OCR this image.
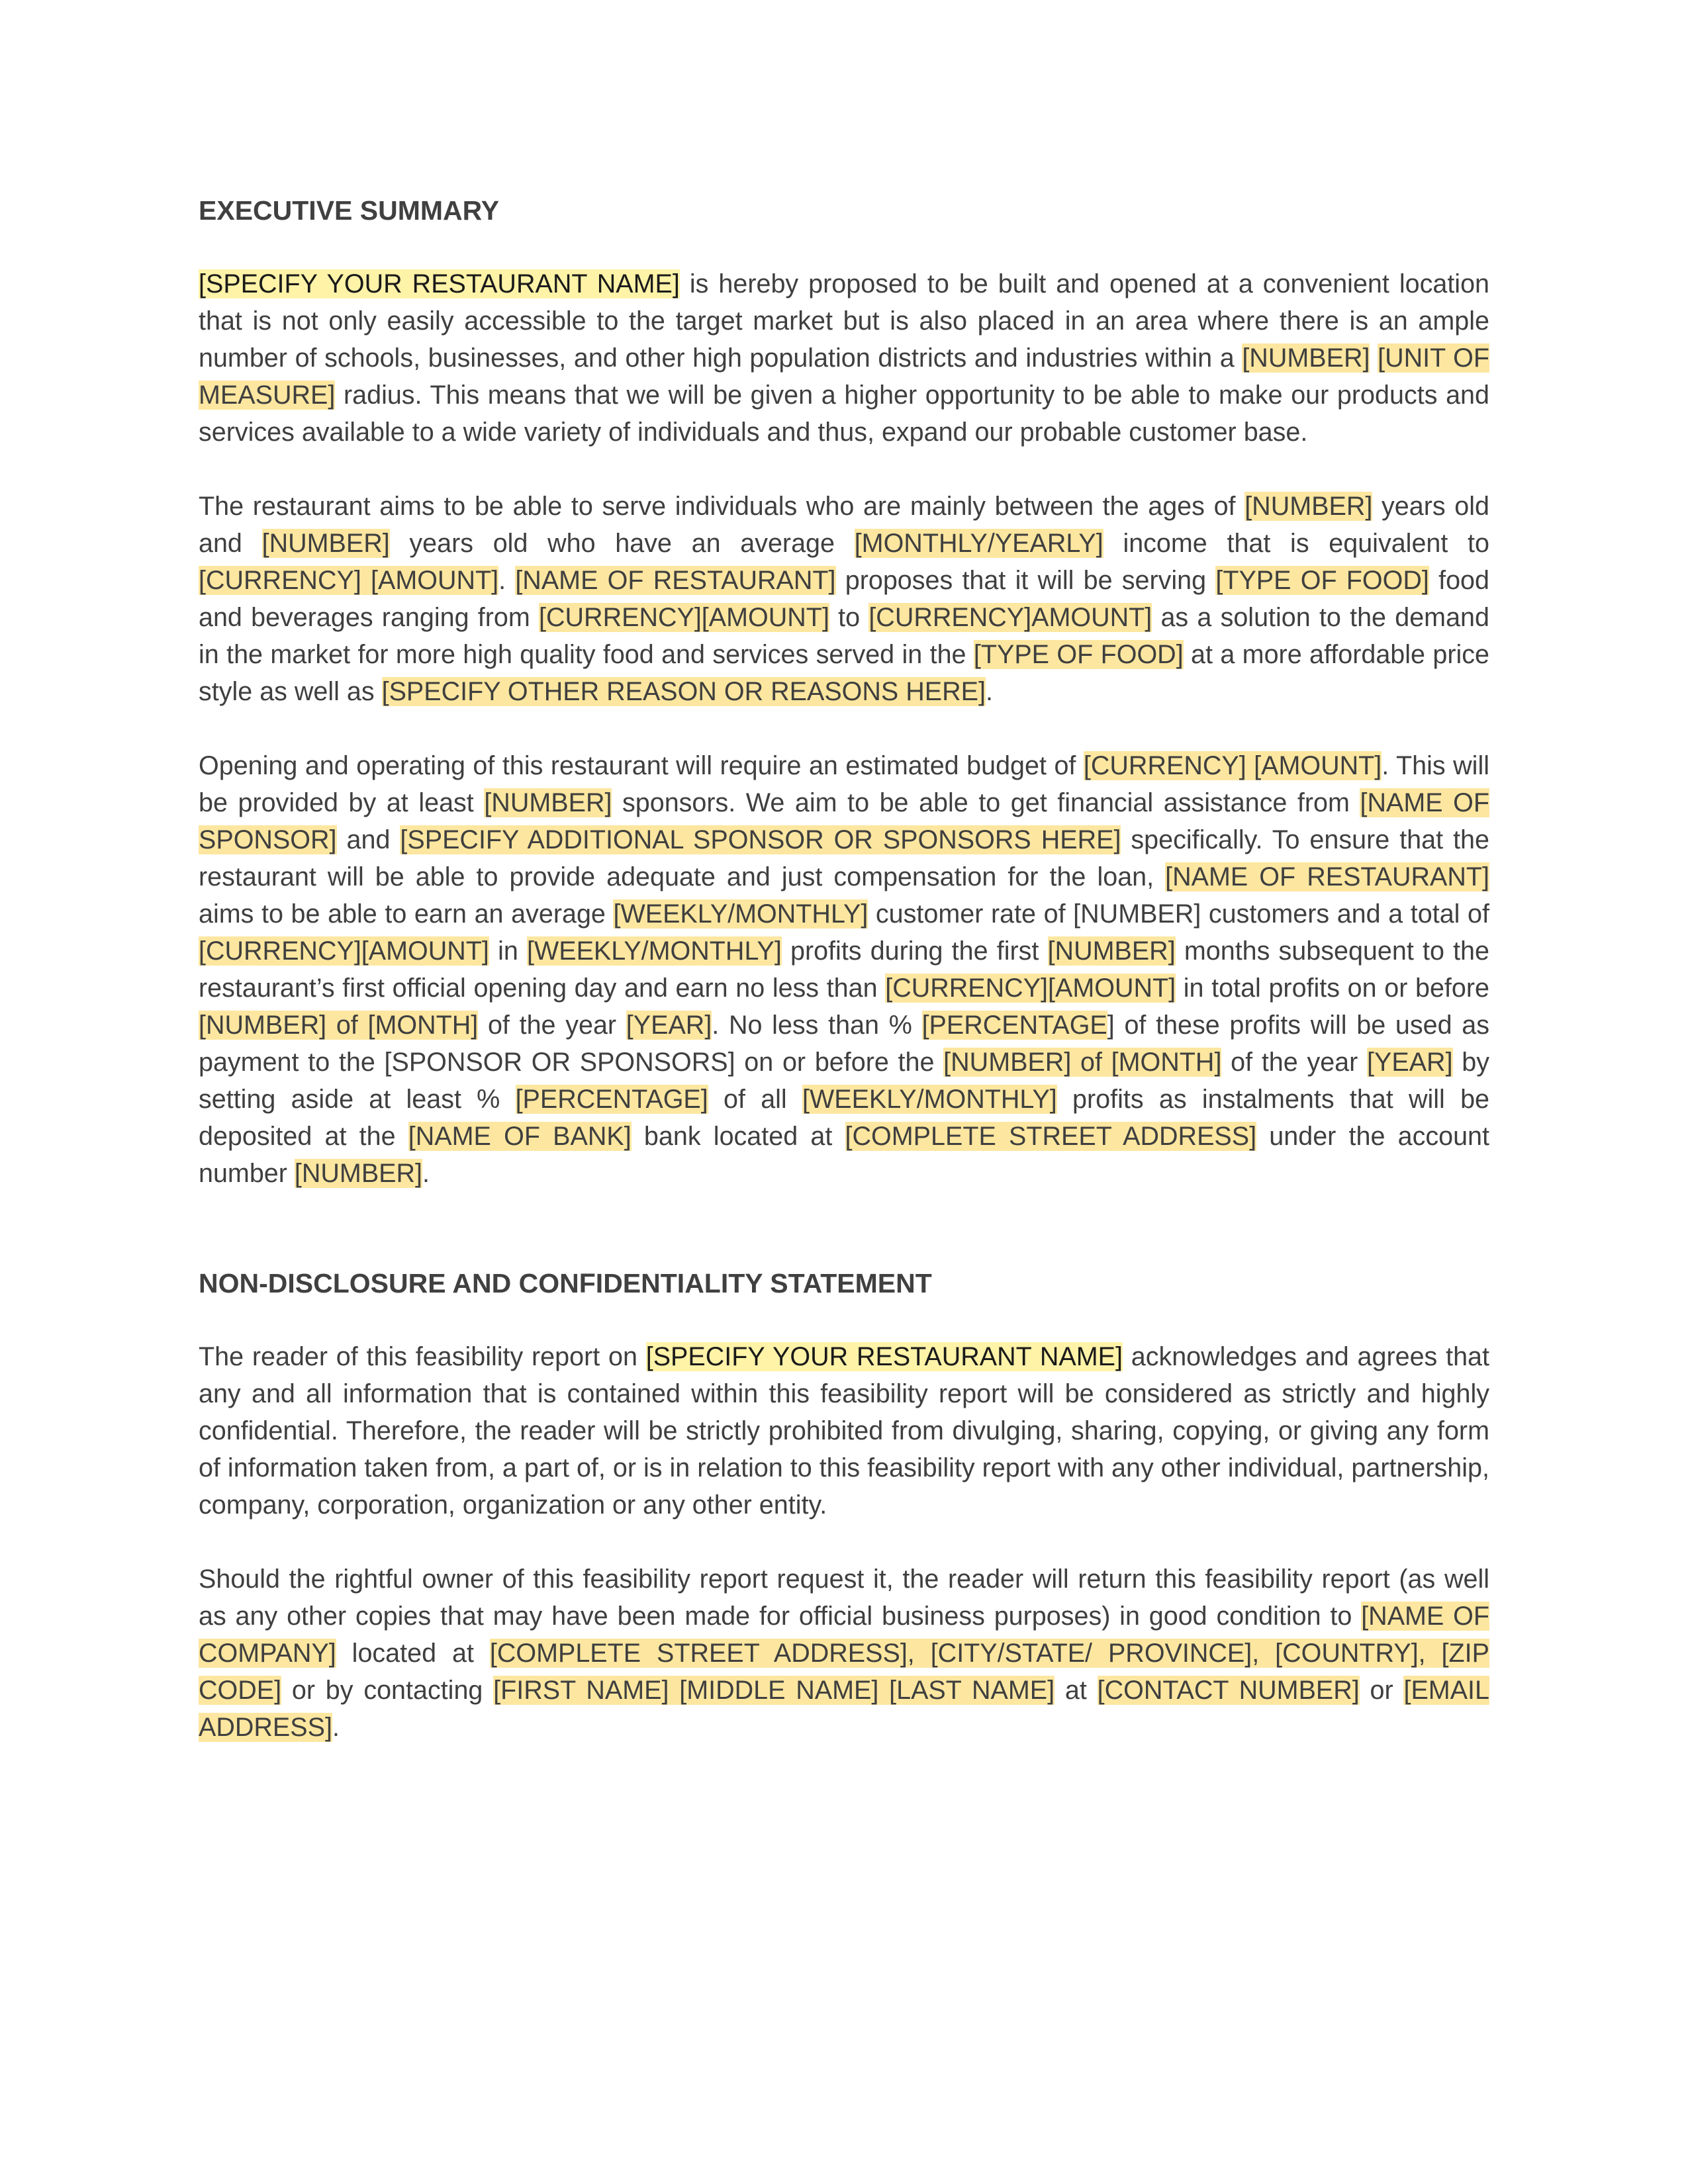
EXECUTIVE SUMMARY

[SPECIFY YOUR RESTAURANT NAME] is hereby proposed to be built and opened at a convenient location that is not only easily accessible to the target market but is also placed in an area where there is an ample number of schools, businesses, and other high population districts and industries within a [NUMBER] [UNIT OF MEASURE] radius. This means that we will be given a higher opportunity to be able to make our products and services available to a wide variety of individuals and thus, expand our probable customer base.

The restaurant aims to be able to serve individuals who are mainly between the ages of [NUMBER] years old and [NUMBER] years old who have an average [MONTHLY/YEARLY] income that is equivalent to [CURRENCY] [AMOUNT]. [NAME OF RESTAURANT] proposes that it will be serving [TYPE OF FOOD] food and beverages ranging from [CURRENCY][AMOUNT] to [CURRENCY]AMOUNT] as a solution to the demand in the market for more high quality food and services served in the [TYPE OF FOOD] at a more affordable price style as well as [SPECIFY OTHER REASON OR REASONS HERE].

Opening and operating of this restaurant will require an estimated budget of [CURRENCY] [AMOUNT]. This will be provided by at least [NUMBER] sponsors. We aim to be able to get financial assistance from [NAME OF SPONSOR] and [SPECIFY ADDITIONAL SPONSOR OR SPONSORS HERE] specifically. To ensure that the restaurant will be able to provide adequate and just compensation for the loan, [NAME OF RESTAURANT] aims to be able to earn an average [WEEKLY/MONTHLY] customer rate of [NUMBER] customers and a total of [CURRENCY][AMOUNT] in [WEEKLY/MONTHLY] profits during the first [NUMBER] months subsequent to the restaurant’s first official opening day and earn no less than [CURRENCY][AMOUNT] in total profits on or before [NUMBER] of [MONTH] of the year [YEAR]. No less than % [PERCENTAGE] of these profits will be used as payment to the [SPONSOR OR SPONSORS] on or before the [NUMBER] of [MONTH] of the year [YEAR] by setting aside at least % [PERCENTAGE] of all [WEEKLY/MONTHLY] profits as instalments that will be deposited at the [NAME OF BANK] bank located at [COMPLETE STREET ADDRESS] under the account number [NUMBER].

NON-DISCLOSURE AND CONFIDENTIALITY STATEMENT

The reader of this feasibility report on [SPECIFY YOUR RESTAURANT NAME] acknowledges and agrees that any and all information that is contained within this feasibility report will be considered as strictly and highly confidential. Therefore, the reader will be strictly prohibited from divulging, sharing, copying, or giving any form of information taken from, a part of, or is in relation to this feasibility report with any other individual, partnership, company, corporation, organization or any other entity.

Should the rightful owner of this feasibility report request it, the reader will return this feasibility report (as well as any other copies that may have been made for official business purposes) in good condition to [NAME OF COMPANY] located at [COMPLETE STREET ADDRESS], [CITY/STATE/ PROVINCE], [COUNTRY], [ZIP CODE] or by contacting [FIRST NAME] [MIDDLE NAME] [LAST NAME] at [CONTACT NUMBER] or [EMAIL ADDRESS].
